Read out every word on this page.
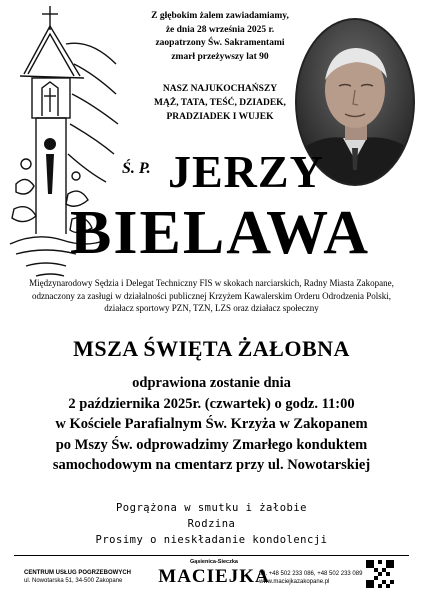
Z głębokim żalem zawiadamiamy,
że dnia 28 września 2025 r.
zaopatrzony Św. Sakramentami
zmarł przeżywszy lat 90
NASZ NAJUKOCHAŃSZY
MĄŻ, TATA, TEŚĆ, DZIADEK,
PRADZIADEK I WUJEK
Ś. P. JERZY
BIELAWA
Międzynarodowy Sędzia i Delegat Techniczny FIS w skokach narciarskich, Radny Miasta Zakopane,
odznaczony za zasługi w działalności publicznej Krzyżem Kawalerskim Orderu Odrodzenia Polski,
działacz sportowy PZN, TZN, LZS oraz działacz społeczny
MSZA ŚWIĘTA ŻAŁOBNA
odprawiona zostanie dnia
2 października 2025r. (czwartek) o godz. 11:00
w Kościele Parafialnym Św. Krzyża w Zakopanem
po Mszy Św. odprowadzimy Zmarłego konduktem
samochodowym na cmentarz przy ul. Nowotarskiej
Pogrążona w smutku i żałobie
Rodzina
Prosimy o nieskładanie kondolencji
CENTRUM USŁUG POGRZEBOWYCH
ul. Nowotarska 51, 34-500 Zakopane
Gąsienica-Sieczka
MACIEJKA
tel. +48 502 233 086, +48 502 233 089
www.maciejkazakopane.pl
